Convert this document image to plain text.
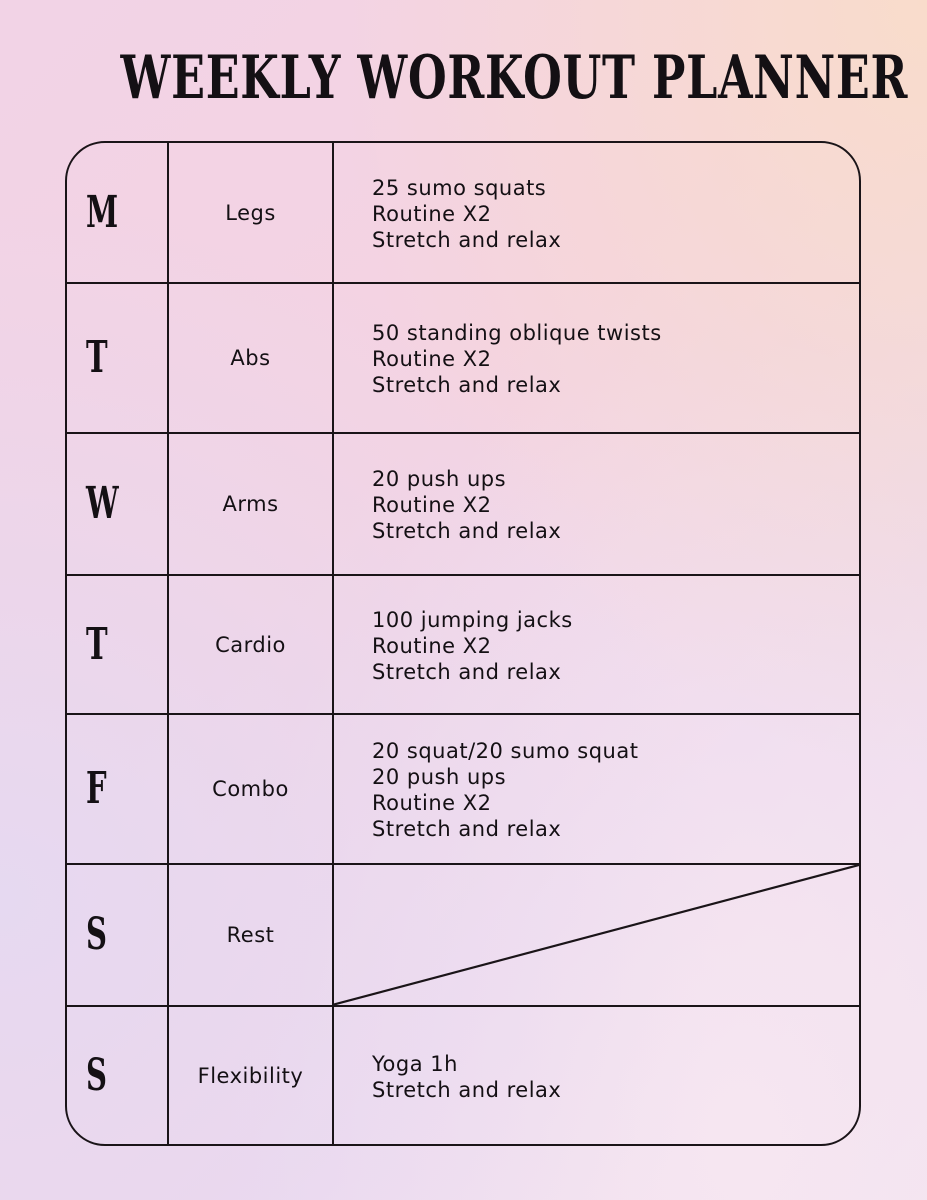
WEEKLY WORKOUT PLANNER
M	Legs
25 sumo squats
Routine X2
Stretch and relax
T	Abs
50 standing oblique twists
Routine X2
Stretch and relax
W	Arms
20 push ups
Routine X2
Stretch and relax
T	Cardio
100 jumping jacks
Routine X2
Stretch and relax
F	Combo
20 squat/20 sumo squat
20 push ups
Routine X2
Stretch and relax
S	Rest
S	Flexibility	Yoga 1h
Stretch and relax
